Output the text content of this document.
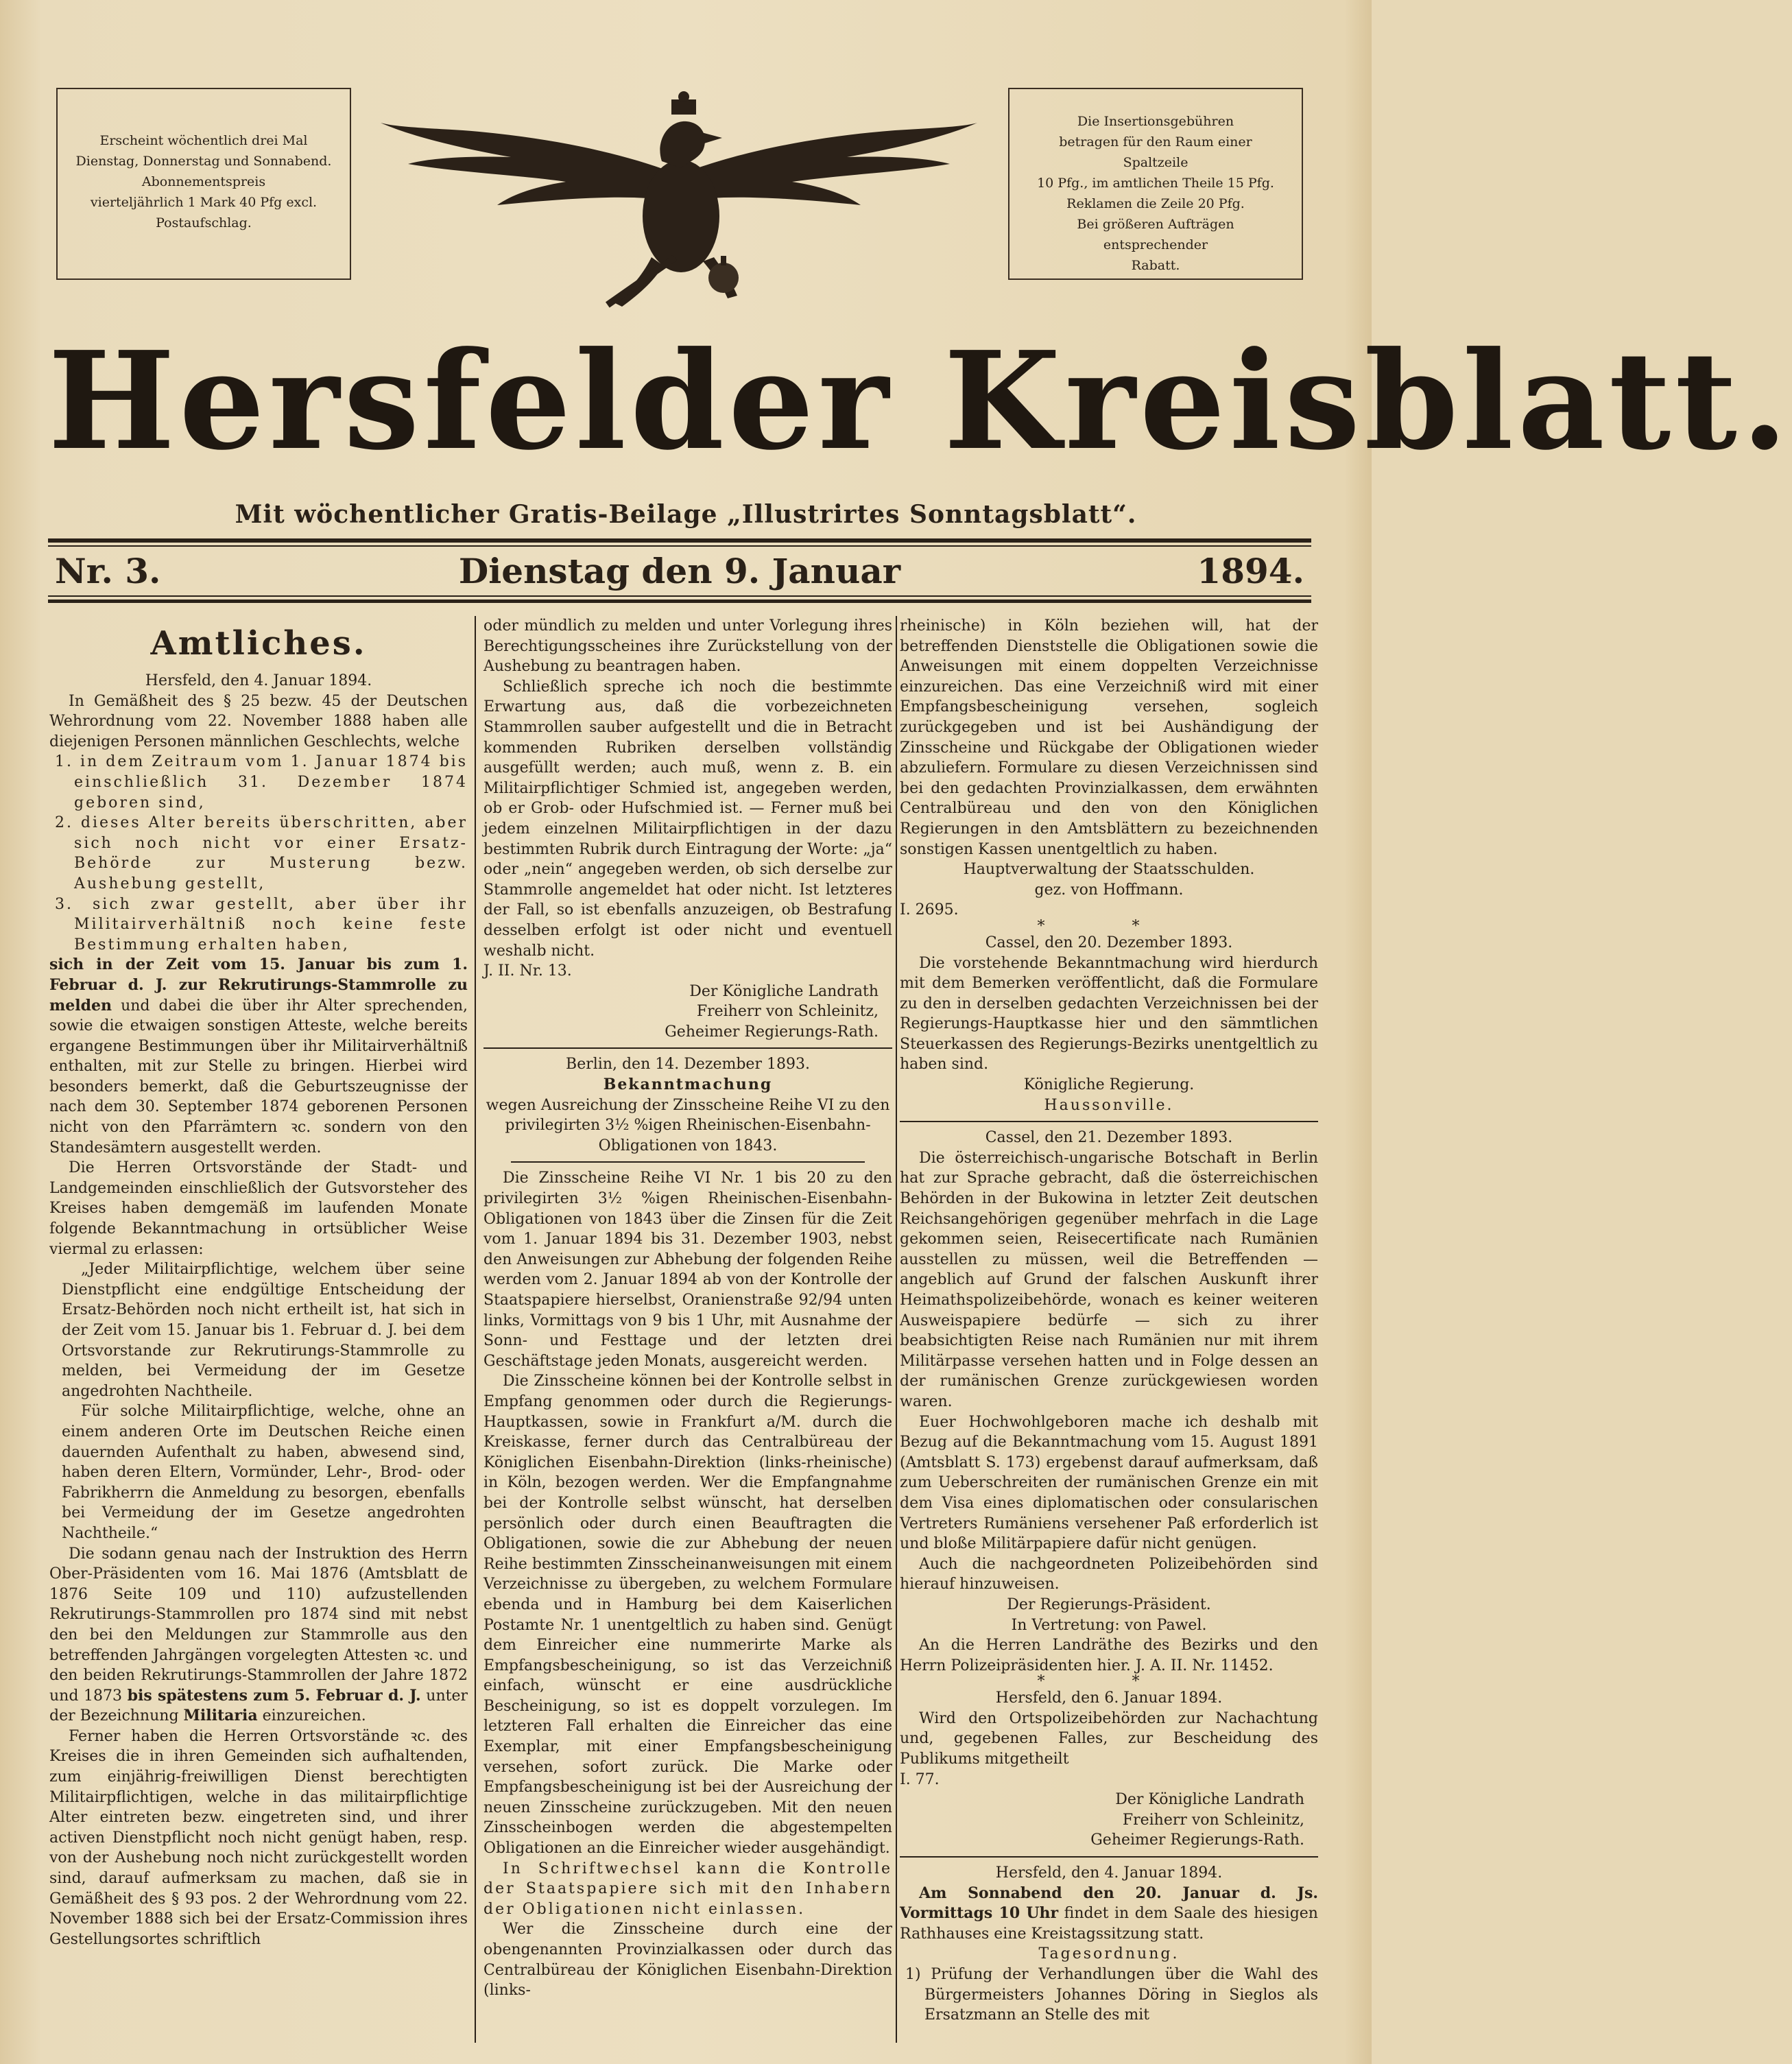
Erscheint wöchentlich drei Mal
Dienstag, Donnerstag und Sonnabend.
Abonnementspreis
vierteljährlich 1 Mark 40 Pfg excl.
Postaufschlag.
Die Insertionsgebühren
betragen für den Raum einer Spaltzeile
10 Pfg., im amtlichen Theile 15 Pfg.
Reklamen die Zeile 20 Pfg.
Bei größeren Aufträgen entsprechender
Rabatt.
Hersfelder Kreisblatt.
Mit wöchentlicher Gratis-Beilage „Illustrirtes Sonntagsblatt“.
Nr. 3.	Dienstag den 9. Januar	1894.
Amtliches.

Hersfeld, den 4. Januar 1894.

In Gemäßheit des § 25 bezw. 45 der Deutschen Wehrordnung vom 22. November 1888 haben alle diejenigen Personen männlichen Geschlechts, welche

1. in dem Zeitraum vom 1. Januar 1874 bis einschließlich 31. Dezember 1874 geboren sind,

2. dieses Alter bereits überschritten, aber sich noch nicht vor einer Ersatz-Behörde zur Musterung bezw. Aushebung gestellt,

3. sich zwar gestellt, aber über ihr Militairverhältniß noch keine feste Bestimmung erhalten haben,

sich in der Zeit vom 15. Januar bis zum 1. Februar d. J. zur Rekrutirungs-Stammrolle zu melden und dabei die über ihr Alter sprechenden, sowie die etwaigen sonstigen Atteste, welche bereits ergangene Bestimmungen über ihr Militairverhältniß enthalten, mit zur Stelle zu bringen. Hierbei wird besonders bemerkt, daß die Geburtszeugnisse der nach dem 30. September 1874 geborenen Personen nicht von den Pfarrämtern ꝛc. sondern von den Standesämtern ausgestellt werden.

Die Herren Ortsvorstände der Stadt- und Landgemeinden einschließlich der Gutsvorsteher des Kreises haben demgemäß im laufenden Monate folgende Bekanntmachung in ortsüblicher Weise viermal zu erlassen:

„Jeder Militairpflichtige, welchem über seine Dienstpflicht eine endgültige Entscheidung der Ersatz-Behörden noch nicht ertheilt ist, hat sich in der Zeit vom 15. Januar bis 1. Februar d. J. bei dem Ortsvorstande zur Rekrutirungs-Stammrolle zu melden, bei Vermeidung der im Gesetze angedrohten Nachtheile.

Für solche Militairpflichtige, welche, ohne an einem anderen Orte im Deutschen Reiche einen dauernden Aufenthalt zu haben, abwesend sind, haben deren Eltern, Vormünder, Lehr-, Brod- oder Fabrikherrn die Anmeldung zu besorgen, ebenfalls bei Vermeidung der im Gesetze angedrohten Nachtheile.“

Die sodann genau nach der Instruktion des Herrn Ober-Präsidenten vom 16. Mai 1876 (Amtsblatt de 1876 Seite 109 und 110) aufzustellenden Rekrutirungs-Stammrollen pro 1874 sind mit nebst den bei den Meldungen zur Stammrolle aus den betreffenden Jahrgängen vorgelegten Attesten ꝛc. und den beiden Rekrutirungs-Stammrollen der Jahre 1872 und 1873 bis spätestens zum 5. Februar d. J. unter der Bezeichnung Militaria einzureichen.

Ferner haben die Herren Ortsvorstände ꝛc. des Kreises die in ihren Gemeinden sich aufhaltenden, zum einjährig-freiwilligen Dienst berechtigten Militairpflichtigen, welche in das militairpflichtige Alter eintreten bezw. eingetreten sind, und ihrer activen Dienstpflicht noch nicht genügt haben, resp. von der Aushebung noch nicht zurückgestellt worden sind, darauf aufmerksam zu machen, daß sie in Gemäßheit des § 93 pos. 2 der Wehrordnung vom 22. November 1888 sich bei der Ersatz-Commission ihres Gestellungsortes schriftlich

oder mündlich zu melden und unter Vorlegung ihres Berechtigungsscheines ihre Zurückstellung von der Aushebung zu beantragen haben.

Schließlich spreche ich noch die bestimmte Erwartung aus, daß die vorbezeichneten Stammrollen sauber aufgestellt und die in Betracht kommenden Rubriken derselben vollständig ausgefüllt werden; auch muß, wenn z. B. ein Militairpflichtiger Schmied ist, angegeben werden, ob er Grob- oder Hufschmied ist. — Ferner muß bei jedem einzelnen Militairpflichtigen in der dazu bestimmten Rubrik durch Eintragung der Worte: „ja“ oder „nein“ angegeben werden, ob sich derselbe zur Stammrolle angemeldet hat oder nicht. Ist letzteres der Fall, so ist ebenfalls anzuzeigen, ob Bestrafung desselben erfolgt ist oder nicht und eventuell weshalb nicht.

J. II. Nr. 13.

Der Königliche Landrath

Freiherr von Schleinitz,

Geheimer Regierungs-Rath.

Berlin, den 14. Dezember 1893.

Bekanntmachung

wegen Ausreichung der Zinsscheine Reihe VI zu den privilegirten 3½ %igen Rheinischen-Eisenbahn-Obligationen von 1843.

Die Zinsscheine Reihe VI Nr. 1 bis 20 zu den privilegirten 3½ %igen Rheinischen-Eisenbahn-Obligationen von 1843 über die Zinsen für die Zeit vom 1. Januar 1894 bis 31. Dezember 1903, nebst den Anweisungen zur Abhebung der folgenden Reihe werden vom 2. Januar 1894 ab von der Kontrolle der Staatspapiere hierselbst, Oranienstraße 92/94 unten links, Vormittags von 9 bis 1 Uhr, mit Ausnahme der Sonn- und Festtage und der letzten drei Geschäftstage jeden Monats, ausgereicht werden.

Die Zinsscheine können bei der Kontrolle selbst in Empfang genommen oder durch die Regierungs-Hauptkassen, sowie in Frankfurt a/M. durch die Kreiskasse, ferner durch das Centralbüreau der Königlichen Eisenbahn-Direktion (links-rheinische) in Köln, bezogen werden. Wer die Empfangnahme bei der Kontrolle selbst wünscht, hat derselben persönlich oder durch einen Beauftragten die Obligationen, sowie die zur Abhebung der neuen Reihe bestimmten Zinsscheinanweisungen mit einem Verzeichnisse zu übergeben, zu welchem Formulare ebenda und in Hamburg bei dem Kaiserlichen Postamte Nr. 1 unentgeltlich zu haben sind. Genügt dem Einreicher eine nummerirte Marke als Empfangsbescheinigung, so ist das Verzeichniß einfach, wünscht er eine ausdrückliche Bescheinigung, so ist es doppelt vorzulegen. Im letzteren Fall erhalten die Einreicher das eine Exemplar, mit einer Empfangsbescheinigung versehen, sofort zurück. Die Marke oder Empfangsbescheinigung ist bei der Ausreichung der neuen Zinsscheine zurückzugeben. Mit den neuen Zinsscheinbogen werden die abgestempelten Obligationen an die Einreicher wieder ausgehändigt.

In Schriftwechsel kann die Kontrolle der Staatspapiere sich mit den Inhabern der Obligationen nicht einlassen.

Wer die Zinsscheine durch eine der obengenannten Provinzialkassen oder durch das Centralbüreau der Königlichen Eisenbahn-Direktion (links-

rheinische) in Köln beziehen will, hat der betreffenden Dienststelle die Obligationen sowie die Anweisungen mit einem doppelten Verzeichnisse einzureichen. Das eine Verzeichniß wird mit einer Empfangsbescheinigung versehen, sogleich zurückgegeben und ist bei Aushändigung der Zinsscheine und Rückgabe der Obligationen wieder abzuliefern. Formulare zu diesen Verzeichnissen sind bei den gedachten Provinzialkassen, dem erwähnten Centralbüreau und den von den Königlichen Regierungen in den Amtsblättern zu bezeichnenden sonstigen Kassen unentgeltlich zu haben.

Hauptverwaltung der Staatsschulden.

gez. von Hoffmann.

I. 2695.

* *

Cassel, den 20. Dezember 1893.

Die vorstehende Bekanntmachung wird hierdurch mit dem Bemerken veröffentlicht, daß die Formulare zu den in derselben gedachten Verzeichnissen bei der Regierungs-Hauptkasse hier und den sämmtlichen Steuerkassen des Regierungs-Bezirks unentgeltlich zu haben sind.

Königliche Regierung.

Haussonville.

Cassel, den 21. Dezember 1893.

Die österreichisch-ungarische Botschaft in Berlin hat zur Sprache gebracht, daß die österreichischen Behörden in der Bukowina in letzter Zeit deutschen Reichsangehörigen gegenüber mehrfach in die Lage gekommen seien, Reisecertificate nach Rumänien ausstellen zu müssen, weil die Betreffenden — angeblich auf Grund der falschen Auskunft ihrer Heimathspolizeibehörde, wonach es keiner weiteren Ausweispapiere bedürfe — sich zu ihrer beabsichtigten Reise nach Rumänien nur mit ihrem Militärpasse versehen hatten und in Folge dessen an der rumänischen Grenze zurückgewiesen worden waren.

Euer Hochwohlgeboren mache ich deshalb mit Bezug auf die Bekanntmachung vom 15. August 1891 (Amtsblatt S. 173) ergebenst darauf aufmerksam, daß zum Ueberschreiten der rumänischen Grenze ein mit dem Visa eines diplomatischen oder consularischen Vertreters Rumäniens versehener Paß erforderlich ist und bloße Militärpapiere dafür nicht genügen.

Auch die nachgeordneten Polizeibehörden sind hierauf hinzuweisen.

Der Regierungs-Präsident.

In Vertretung: von Pawel.

An die Herren Landräthe des Bezirks und den Herrn Polizeipräsidenten hier. J. A. II. Nr. 11452.

* *

Hersfeld, den 6. Januar 1894.

Wird den Ortspolizeibehörden zur Nachachtung und, gegebenen Falles, zur Bescheidung des Publikums mitgetheilt

I. 77.

Der Königliche Landrath

Freiherr von Schleinitz,

Geheimer Regierungs-Rath.

Hersfeld, den 4. Januar 1894.

Am Sonnabend den 20. Januar d. Js. Vormittags 10 Uhr findet in dem Saale des hiesigen Rathhauses eine Kreistagssitzung statt.

Tagesordnung.

1) Prüfung der Verhandlungen über die Wahl des Bürgermeisters Johannes Döring in Sieglos als Ersatzmann an Stelle des mit
